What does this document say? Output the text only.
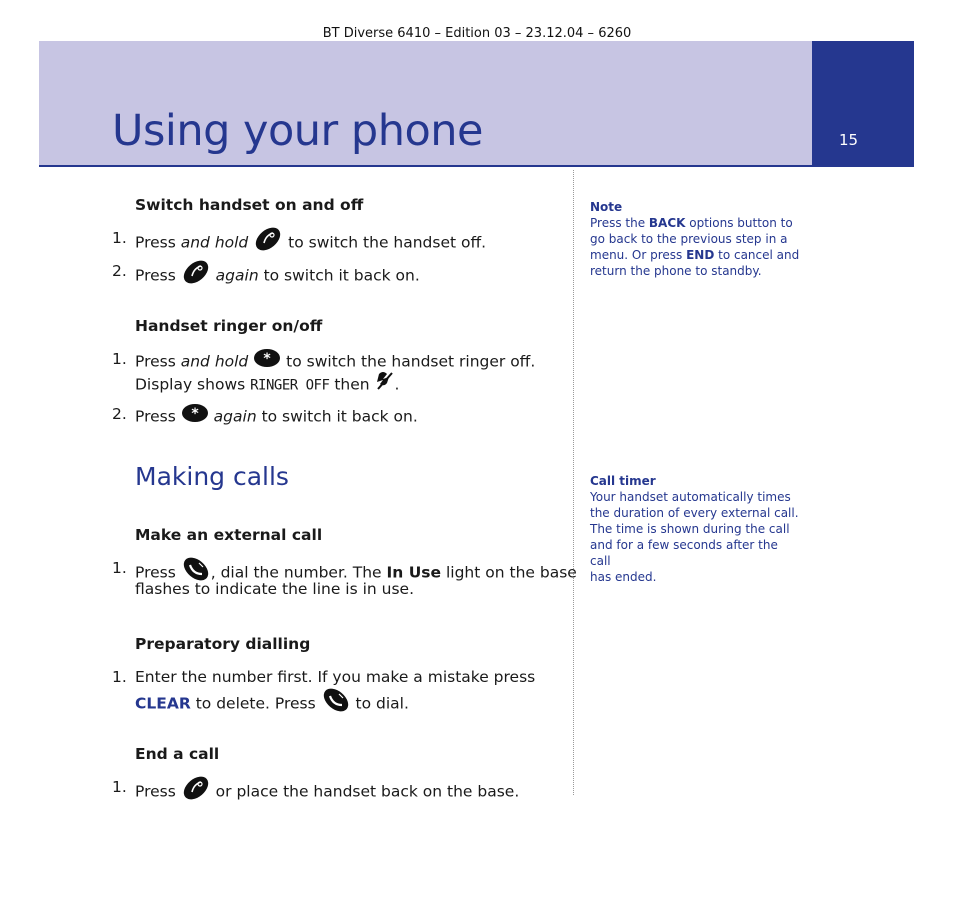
BT Diverse 6410 – Edition 03 – 23.12.04 – 6260
15
Using your phone
Switch handset on and off
1. Press and hold  to switch the handset off.
2. Press  again to switch it back on.
Handset ringer on/off
1. Press and hold * to switch the handset ringer off.
Display shows RINGER OFF then .
2. Press * again to switch it back on.
Making calls
Make an external call
1. Press , dial the number. The In Use light on the base
flashes to indicate the line is in use.
Preparatory dialling
1. Enter the number first. If you make a mistake press
CLEAR to delete. Press  to dial.
End a call
1. Press  or place the handset back on the base.
Note
Press the BACK options button to
go back to the previous step in a
menu. Or press END to cancel and
return the phone to standby.
Call timer
Your handset automatically times
the duration of every external call.
The time is shown during the call
and for a few seconds after the call
has ended.
